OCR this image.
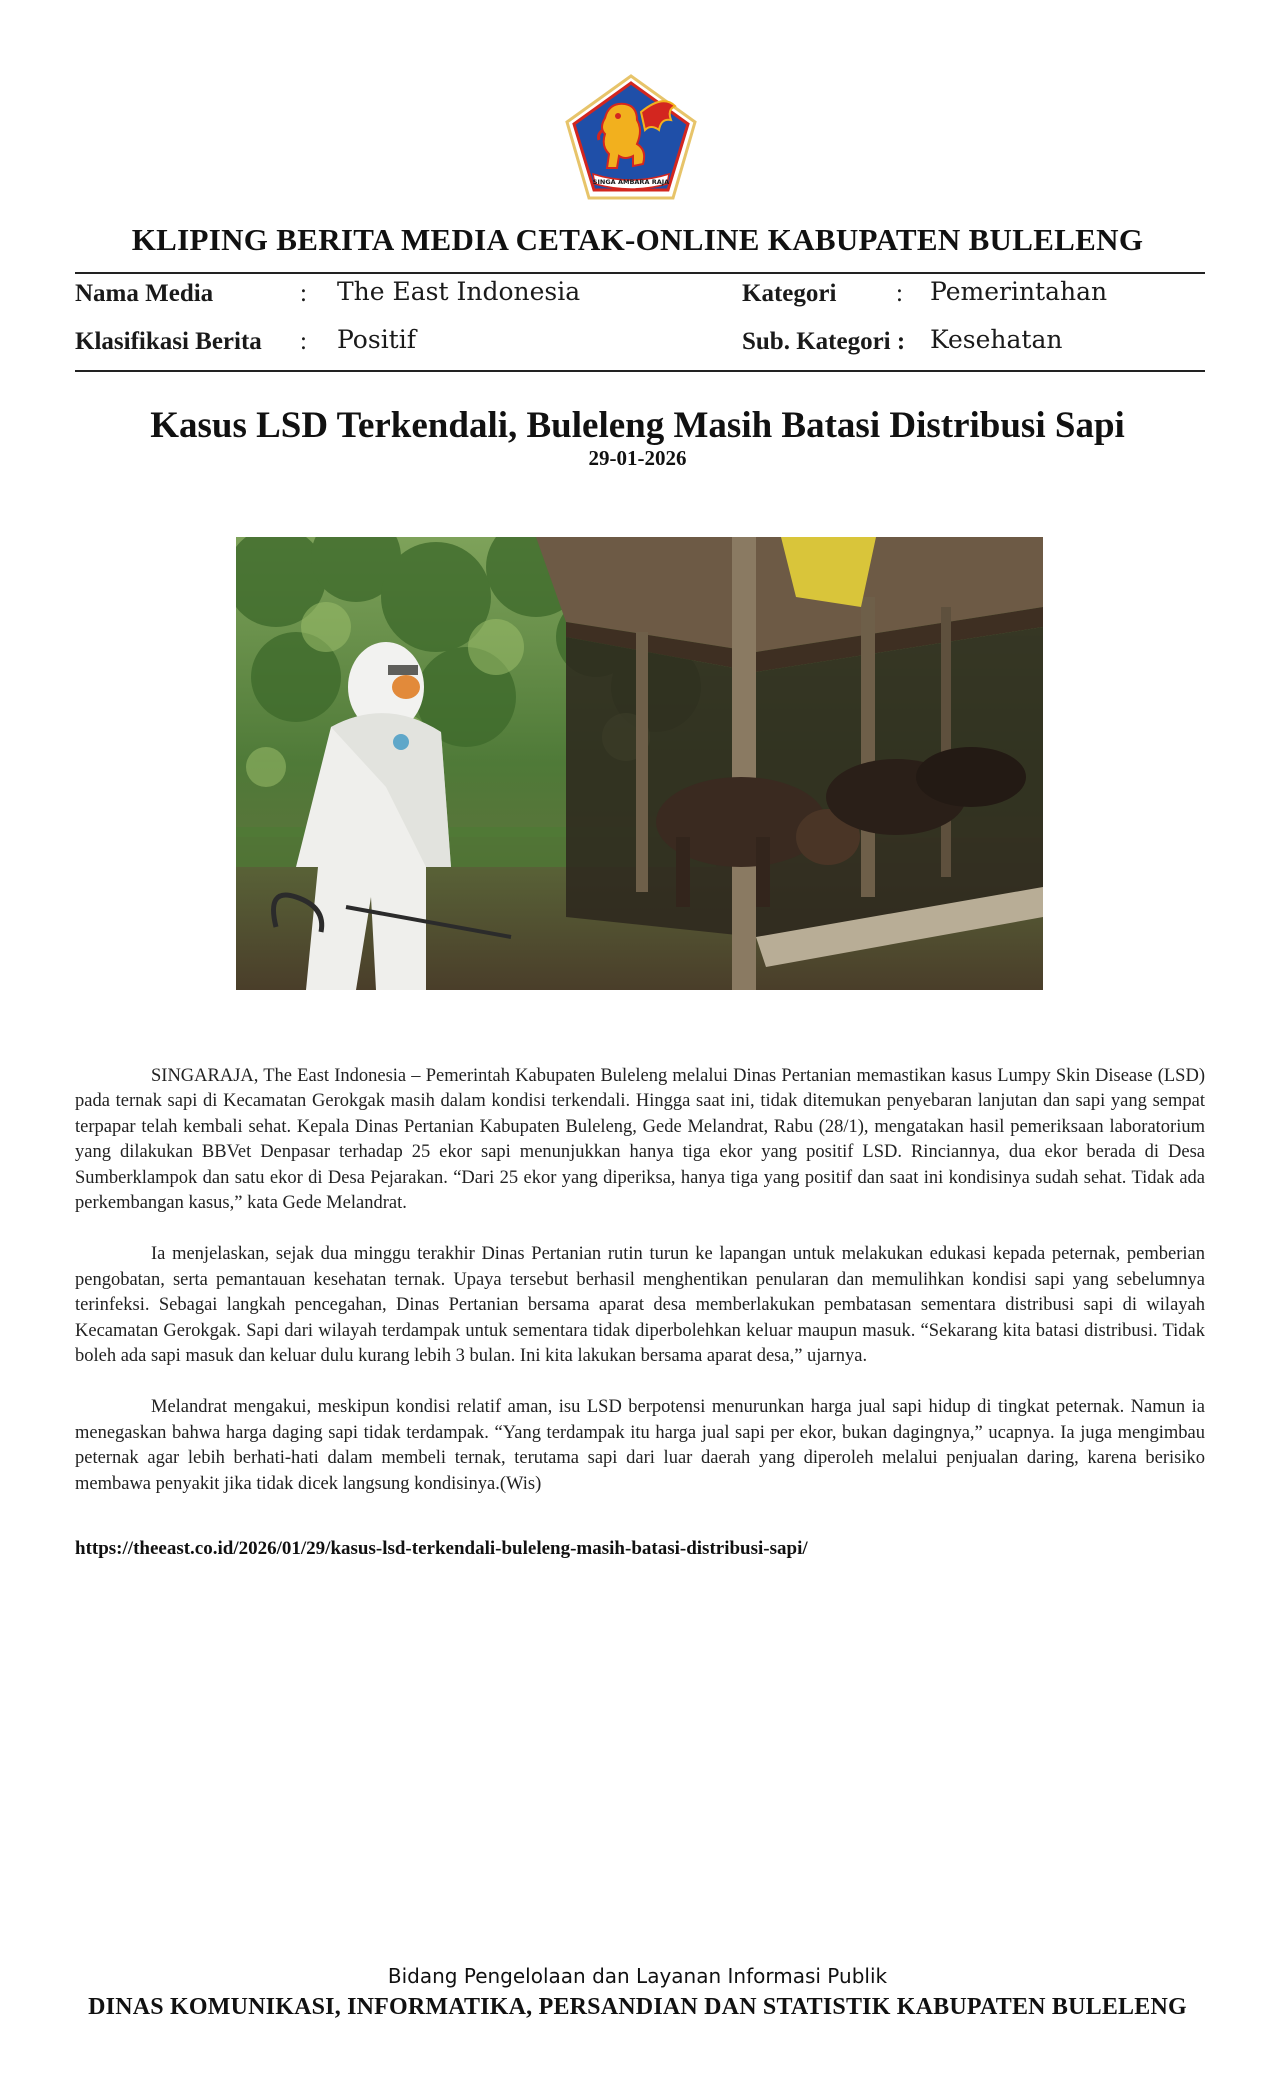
SINGA AMBARA RAJA
KLIPING BERITA MEDIA CETAK-ONLINE KABUPATEN BULELENG
Nama Media	: The East Indonesia
Klasifikasi Berita : Positif
Kategori : Pemerintahan
Sub. Kategori : Kesehatan
Kasus LSD Terkendali, Buleleng Masih Batasi Distribusi Sapi
29-01-2026

SINGARAJA, The East Indonesia – Pemerintah Kabupaten Buleleng melalui Dinas Pertanian memastikan kasus Lumpy Skin Disease (LSD) pada ternak sapi di Kecamatan Gerokgak masih dalam kondisi terkendali. Hingga saat ini, tidak ditemukan penyebaran lanjutan dan sapi yang sempat terpapar telah kembali sehat. Kepala Dinas Pertanian Kabupaten Buleleng, Gede Melandrat, Rabu (28/1), mengatakan hasil pemeriksaan laboratorium yang dilakukan BBVet Denpasar terhadap 25 ekor sapi menunjukkan hanya tiga ekor yang positif LSD. Rinciannya, dua ekor berada di Desa Sumberklampok dan satu ekor di Desa Pejarakan. “Dari 25 ekor yang diperiksa, hanya tiga yang positif dan saat ini kondisinya sudah sehat. Tidak ada perkembangan kasus,” kata Gede Melandrat.

Ia menjelaskan, sejak dua minggu terakhir Dinas Pertanian rutin turun ke lapangan untuk melakukan edukasi kepada peternak, pemberian pengobatan, serta pemantauan kesehatan ternak. Upaya tersebut berhasil menghentikan penularan dan memulihkan kondisi sapi yang sebelumnya terinfeksi. Sebagai langkah pencegahan, Dinas Pertanian bersama aparat desa memberlakukan pembatasan sementara distribusi sapi di wilayah Kecamatan Gerokgak. Sapi dari wilayah terdampak untuk sementara tidak diperbolehkan keluar maupun masuk. “Sekarang kita batasi distribusi. Tidak boleh ada sapi masuk dan keluar dulu kurang lebih 3 bulan. Ini kita lakukan bersama aparat desa,” ujarnya.

Melandrat mengakui, meskipun kondisi relatif aman, isu LSD berpotensi menurunkan harga jual sapi hidup di tingkat peternak. Namun ia menegaskan bahwa harga daging sapi tidak terdampak. “Yang terdampak itu harga jual sapi per ekor, bukan dagingnya,” ucapnya. Ia juga mengimbau peternak agar lebih berhati-hati dalam membeli ternak, terutama sapi dari luar daerah yang diperoleh melalui penjualan daring, karena berisiko membawa penyakit jika tidak dicek langsung kondisinya.(Wis)

https://theeast.co.id/2026/01/29/kasus-lsd-terkendali-buleleng-masih-batasi-distribusi-sapi/
Bidang Pengelolaan dan Layanan Informasi Publik
DINAS KOMUNIKASI, INFORMATIKA, PERSANDIAN DAN STATISTIK KABUPATEN BULELENG
